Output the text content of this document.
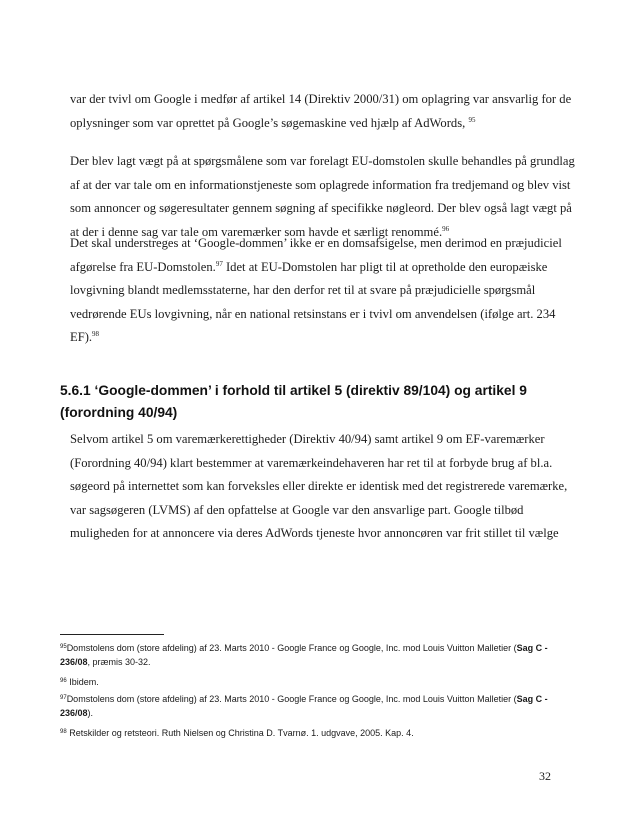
var der tvivl om Google i medfør af artikel 14 (Direktiv 2000/31) om oplagring var ansvarlig for de
oplysninger som var oprettet på Google’s søgemaskine ved hjælp af AdWords, $^{95}$

Der blev lagt vægt på at spørgsmålene som var forelagt EU-domstolen skulle behandles på grundlag
af at der var tale om en informationstjeneste som oplagrede information fra tredjemand og blev vist
som annoncer og søgeresultater gennem søgning af specifikke nøgleord. Der blev også lagt vægt på
at der i denne sag var tale om varemærker som havde et særligt renommé.$^{96}$

Det skal understreges at ‘Google-dommen’ ikke er en domsafsigelse, men derimod en præjudiciel
afgørelse fra EU-Domstolen.$^{97}$ Idet at EU-Domstolen har pligt til at opretholde den europæiske
lovgivning blandt medlemsstaterne, har den derfor ret til at svare på præjudicielle spørgsmål
vedrørende EUs lovgivning, når en national retsinstans er i tvivl om anvendelsen (ifølge art. 234
EF).$^{98}$

5.6.1 ‘Google-dommen’ i forhold til artikel 5 (direktiv 89/104) og artikel 9
(forordning 40/94)

Selvom artikel 5 om varemærkerettigheder (Direktiv 40/94) samt artikel 9 om EF-varemærker
(Forordning 40/94) klart bestemmer at varemærkeindehaveren har ret til at forbyde brug af bl.a.
søgeord på internettet som kan forveksles eller direkte er identisk med det registrerede varemærke,
var sagsøgeren (LVMS) af den opfattelse at Google var den ansvarlige part. Google tilbød
muligheden for at annoncere via deres AdWords tjeneste hvor annoncøren var frit stillet til vælge

$^{95}$Domstolens dom (store afdeling) af 23. Marts 2010 - Google France og Google, Inc. mod Louis Vuitton Malletier (Sag C -
236/08, præmis 30-32.

$^{96}$ Ibidem.

$^{97}$Domstolens dom (store afdeling) af 23. Marts 2010 - Google France og Google, Inc. mod Louis Vuitton Malletier (Sag C -
236/08).

$^{98}$ Retskilder og retsteori. Ruth Nielsen og Christina D. Tvarnø. 1. udgvave, 2005. Kap. 4.

32
